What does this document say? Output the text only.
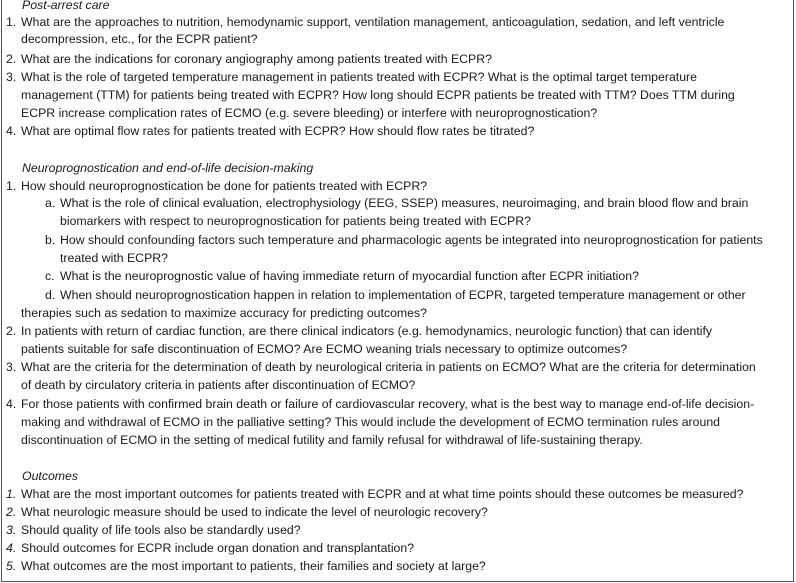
Post-arrest care
1. What are the approaches to nutrition, hemodynamic support, ventilation management, anticoagulation, sedation, and left ventricle
decompression, etc., for the ECPR patient?
2. What are the indications for coronary angiography among patients treated with ECPR?
3. What is the role of targeted temperature management in patients treated with ECPR? What is the optimal target temperature
management (TTM) for patients being treated with ECPR? How long should ECPR patients be treated with TTM? Does TTM during
ECPR increase complication rates of ECMO (e.g. severe bleeding) or interfere with neuroprognostication?
4. What are optimal flow rates for patients treated with ECPR? How should flow rates be titrated?
Neuroprognostication and end-of-life decision-making
1. How should neuroprognostication be done for patients treated with ECPR?
a. What is the role of clinical evaluation, electrophysiology (EEG, SSEP) measures, neuroimaging, and brain blood flow and brain
biomarkers with respect to neuroprognostication for patients being treated with ECPR?
b. How should confounding factors such temperature and pharmacologic agents be integrated into neuroprognostication for patients
treated with ECPR?
c. What is the neuroprognostic value of having immediate return of myocardial function after ECPR initiation?
d. When should neuroprognostication happen in relation to implementation of ECPR, targeted temperature management or other
therapies such as sedation to maximize accuracy for predicting outcomes?
2. In patients with return of cardiac function, are there clinical indicators (e.g. hemodynamics, neurologic function) that can identify
patients suitable for safe discontinuation of ECMO? Are ECMO weaning trials necessary to optimize outcomes?
3. What are the criteria for the determination of death by neurological criteria in patients on ECMO? What are the criteria for determination
of death by circulatory criteria in patients after discontinuation of ECMO?
4. For those patients with confirmed brain death or failure of cardiovascular recovery, what is the best way to manage end-of-life decision-
making and withdrawal of ECMO in the palliative setting? This would include the development of ECMO termination rules around
discontinuation of ECMO in the setting of medical futility and family refusal for withdrawal of life-sustaining therapy.
Outcomes
1. What are the most important outcomes for patients treated with ECPR and at what time points should these outcomes be measured?
2. What neurologic measure should be used to indicate the level of neurologic recovery?
3. Should quality of life tools also be standardly used?
4. Should outcomes for ECPR include organ donation and transplantation?
5. What outcomes are the most important to patients, their families and society at large?
